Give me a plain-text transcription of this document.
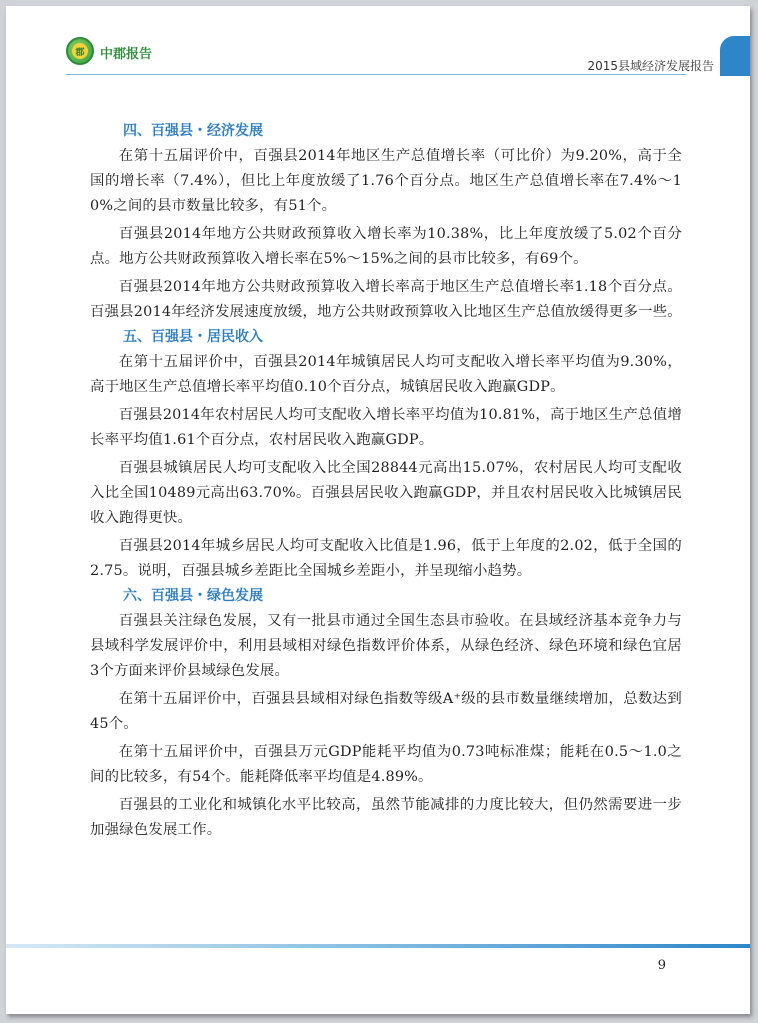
郡 中郡报告
2015县域经济发展报告
四、百强县・经济发展

在第十五届评价中，百强县2014年地区生产总值增长率（可比价）为9.20%，高于全国的增长率（7.4%），但比上年度放缓了1.76个百分点。地区生产总值增长率在7.4%～10%之间的县市数量比较多，有51个。

百强县2014年地方公共财政预算收入增长率为10.38%，比上年度放缓了5.02个百分点。地方公共财政预算收入增长率在5%～15%之间的县市比较多，有69个。

百强县2014年地方公共财政预算收入增长率高于地区生产总值增长率1.18个百分点。百强县2014年经济发展速度放缓，地方公共财政预算收入比地区生产总值放缓得更多一些。

五、百强县・居民收入

在第十五届评价中，百强县2014年城镇居民人均可支配收入增长率平均值为9.30%，高于地区生产总值增长率平均值0.10个百分点，城镇居民收入跑赢GDP。

百强县2014年农村居民人均可支配收入增长率平均值为10.81%，高于地区生产总值增长率平均值1.61个百分点，农村居民收入跑赢GDP。

百强县城镇居民人均可支配收入比全国28844元高出15.07%，农村居民人均可支配收入比全国10489元高出63.70%。百强县居民收入跑赢GDP，并且农村居民收入比城镇居民收入跑得更快。

百强县2014年城乡居民人均可支配收入比值是1.96，低于上年度的2.02，低于全国的2.75。说明，百强县城乡差距比全国城乡差距小，并呈现缩小趋势。

六、百强县・绿色发展

百强县关注绿色发展，又有一批县市通过全国生态县市验收。在县域经济基本竞争力与县域科学发展评价中，利用县域相对绿色指数评价体系，从绿色经济、绿色环境和绿色宜居3个方面来评价县域绿色发展。

在第十五届评价中，百强县县域相对绿色指数等级A⁺级的县市数量继续增加，总数达到45个。

在第十五届评价中，百强县万元GDP能耗平均值为0.73吨标准煤；能耗在0.5～1.0之间的比较多，有54个。能耗降低率平均值是4.89%。

百强县的工业化和城镇化水平比较高，虽然节能减排的力度比较大，但仍然需要进一步加强绿色发展工作。

9
